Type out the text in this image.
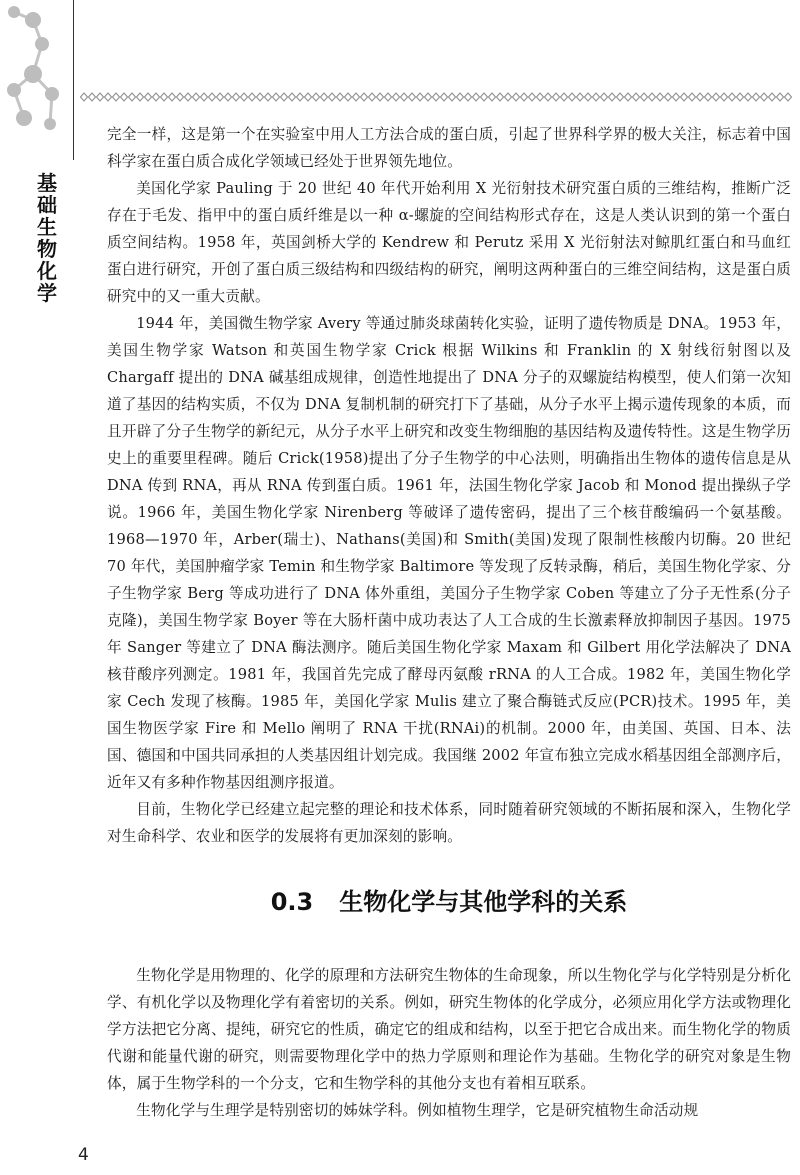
基
础
生
物
化
学

完全一样，这是第一个在实验室中用人工方法合成的蛋白质，引起了世界科学界的极大关注，标志着中国科学家在蛋白质合成化学领域已经处于世界领先地位。

美国化学家 Pauling 于 20 世纪 40 年代开始利用 X 光衍射技术研究蛋白质的三维结构，推断广泛存在于毛发、指甲中的蛋白质纤维是以一种 α-螺旋的空间结构形式存在，这是人类认识到的第一个蛋白质空间结构。1958 年，英国剑桥大学的 Kendrew 和 Perutz 采用 X 光衍射法对鲸肌红蛋白和马血红蛋白进行研究，开创了蛋白质三级结构和四级结构的研究，阐明这两种蛋白的三维空间结构，这是蛋白质研究中的又一重大贡献。

1944 年，美国微生物学家 Avery 等通过肺炎球菌转化实验，证明了遗传物质是 DNA。1953 年，美国生物学家 Watson 和英国生物学家 Crick 根据 Wilkins 和 Franklin 的 X 射线衍射图以及 Chargaff 提出的 DNA 碱基组成规律，创造性地提出了 DNA 分子的双螺旋结构模型，使人们第一次知道了基因的结构实质，不仅为 DNA 复制机制的研究打下了基础，从分子水平上揭示遗传现象的本质，而且开辟了分子生物学的新纪元，从分子水平上研究和改变生物细胞的基因结构及遗传特性。这是生物学历史上的重要里程碑。随后 Crick(1958)提出了分子生物学的中心法则，明确指出生物体的遗传信息是从 DNA 传到 RNA，再从 RNA 传到蛋白质。1961 年，法国生物化学家 Jacob 和 Monod 提出操纵子学说。1966 年，美国生物化学家 Nirenberg 等破译了遗传密码，提出了三个核苷酸编码一个氨基酸。1968—1970 年，Arber(瑞士)、Nathans(美国)和 Smith(美国)发现了限制性核酸内切酶。20 世纪 70 年代，美国肿瘤学家 Temin 和生物学家 Baltimore 等发现了反转录酶，稍后，美国生物化学家、分子生物学家 Berg 等成功进行了 DNA 体外重组，美国分子生物学家 Coben 等建立了分子无性系(分子克隆)，美国生物学家 Boyer 等在大肠杆菌中成功表达了人工合成的生长激素释放抑制因子基因。1975 年 Sanger 等建立了 DNA 酶法测序。随后美国生物化学家 Maxam 和 Gilbert 用化学法解决了 DNA 核苷酸序列测定。1981 年，我国首先完成了酵母丙氨酸 rRNA 的人工合成。1982 年，美国生物化学家 Cech 发现了核酶。1985 年，美国化学家 Mulis 建立了聚合酶链式反应(PCR)技术。1995 年，美国生物医学家 Fire 和 Mello 阐明了 RNA 干扰(RNAi)的机制。2000 年，由美国、英国、日本、法国、德国和中国共同承担的人类基因组计划完成。我国继 2002 年宣布独立完成水稻基因组全部测序后，近年又有多种作物基因组测序报道。

目前，生物化学已经建立起完整的理论和技术体系，同时随着研究领域的不断拓展和深入，生物化学对生命科学、农业和医学的发展将有更加深刻的影响。

0.3 生物化学与其他学科的关系

生物化学是用物理的、化学的原理和方法研究生物体的生命现象，所以生物化学与化学特别是分析化学、有机化学以及物理化学有着密切的关系。例如，研究生物体的化学成分，必须应用化学方法或物理化学方法把它分离、提纯，研究它的性质，确定它的组成和结构，以至于把它合成出来。而生物化学的物质代谢和能量代谢的研究，则需要物理化学中的热力学原则和理论作为基础。生物化学的研究对象是生物体，属于生物学科的一个分支，它和生物学科的其他分支也有着相互联系。

生物化学与生理学是特别密切的姊妹学科。例如植物生理学，它是研究植物生命活动规

4
